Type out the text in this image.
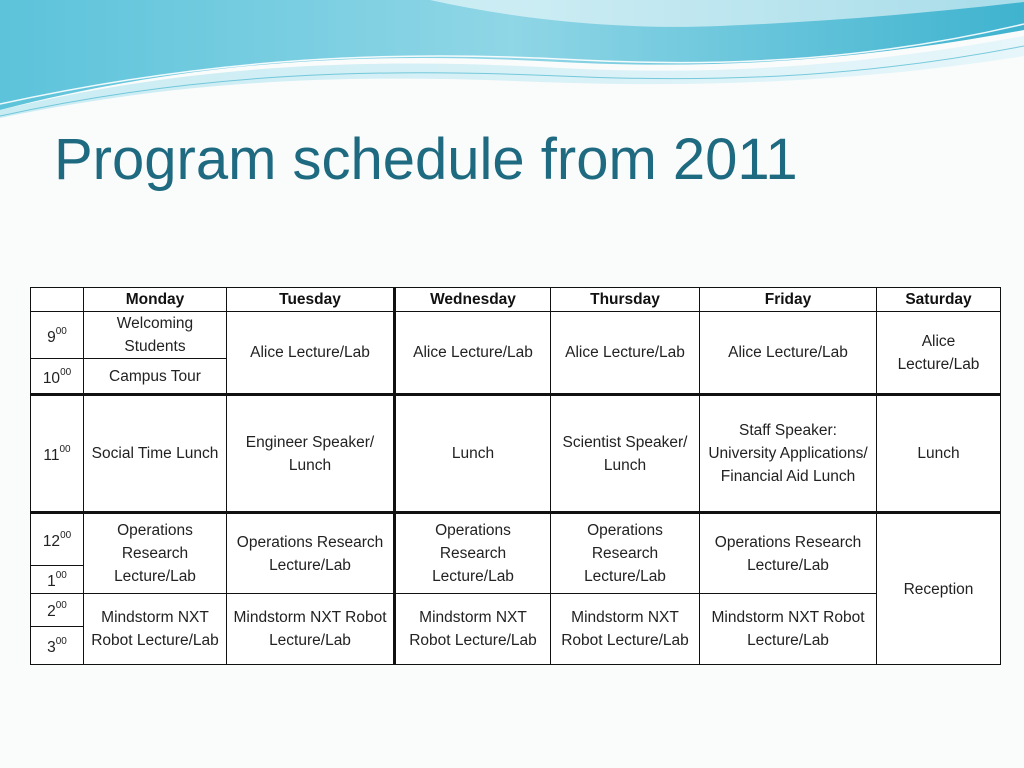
Program schedule from 2011
	Monday	Tuesday	Wednesday	Thursday	Friday	Saturday
$9^{00}$	Welcoming Students	Alice Lecture/Lab	Alice Lecture/Lab	Alice Lecture/Lab	Alice Lecture/Lab	Alice Lecture/Lab
$10^{00}$	Campus Tour					
$11^{00}$	Social Time Lunch	Engineer Speaker/ Lunch	Lunch	Scientist Speaker/ Lunch	Staff Speaker: University Applications/ Financial Aid Lunch	Lunch
$12^{00}$	Operations Research Lecture/Lab	Operations Research Lecture/Lab	Operations Research Lecture/Lab	Operations Research Lecture/Lab	Operations Research Lecture/Lab	Reception
$1^{00}$
$2^{00}$	Mindstorm NXT Robot Lecture/Lab	Mindstorm NXT Robot Lecture/Lab	Mindstorm NXT Robot Lecture/Lab	Mindstorm NXT Robot Lecture/Lab	Mindstorm NXT Robot Lecture/Lab	
$3^{00}$
